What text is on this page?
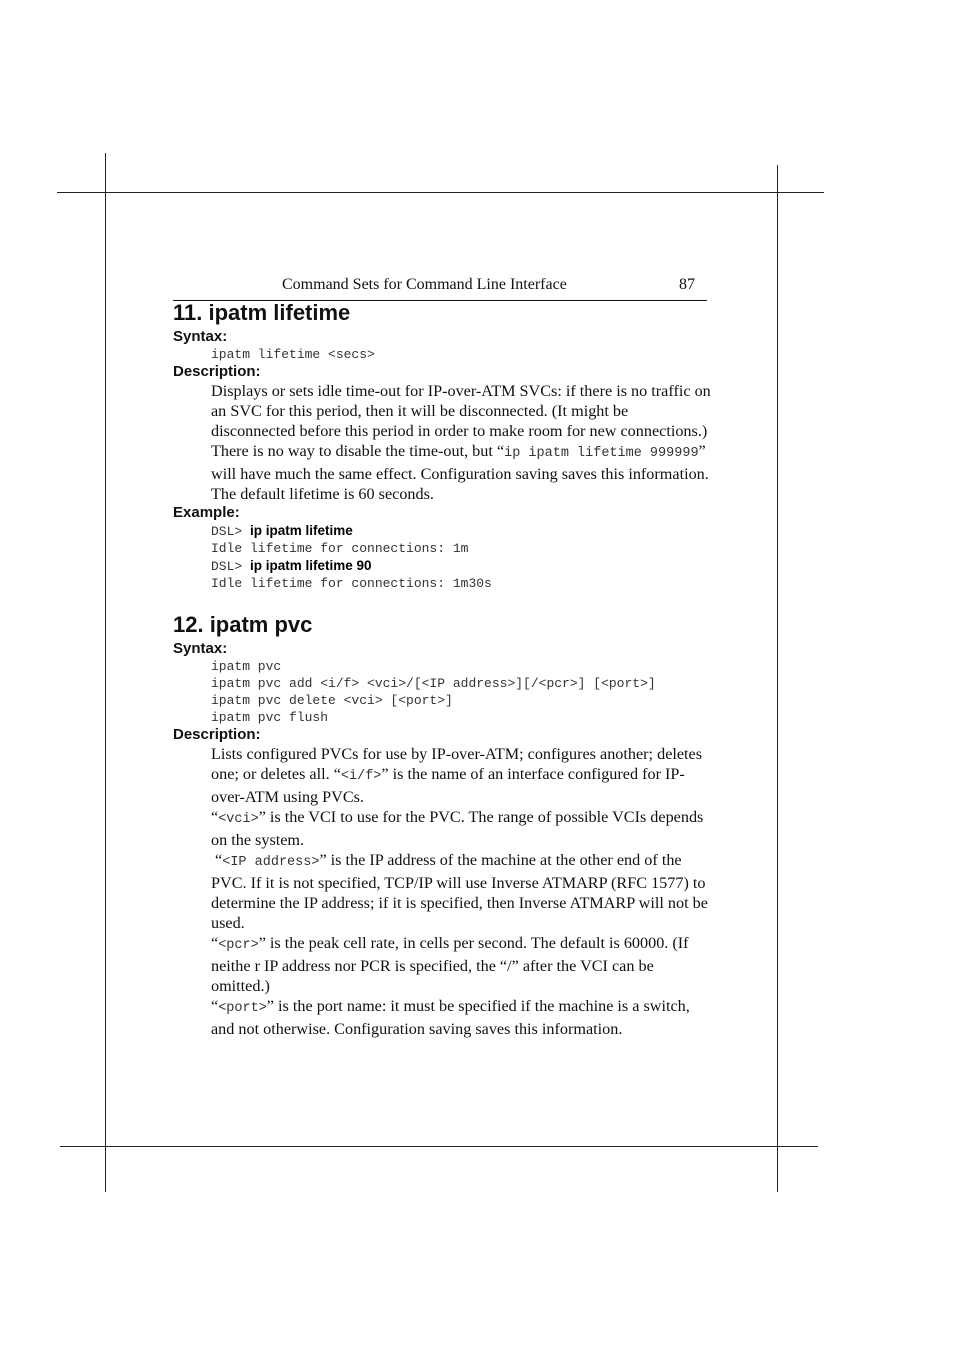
Command Sets for Command Line Interface	87
11. ipatm lifetime
Syntax:
ipatm lifetime <secs>
Description:
Displays or sets idle time-out for IP-over-ATM SVCs: if there is no traffic on an SVC for this period, then it will be disconnected. (It might be disconnected before this period in order to make room for new connections.) There is no way to disable the time-out, but “ip ipatm lifetime 999999” will have much the same effect. Configuration saving saves this information. The default lifetime is 60 seconds.
Example:
DSL> ip ipatm lifetime
Idle lifetime for connections: 1m
DSL> ip ipatm lifetime 90
Idle lifetime for connections: 1m30s
12. ipatm pvc
Syntax:
ipatm pvc
ipatm pvc add <i/f> <vci>/[<IP address>][/<pcr>] [<port>]
ipatm pvc delete <vci> [<port>]
ipatm pvc flush
Description:
Lists configured PVCs for use by IP-over-ATM; configures another; deletes one; or deletes all. “<i/f>” is the name of an interface configured for IP-over-ATM using PVCs.
“<vci>” is the VCI to use for the PVC. The range of possible VCIs depends on the system.
“<IP address>” is the IP address of the machine at the other end of the PVC. If it is not specified, TCP/IP will use Inverse ATMARP (RFC 1577) to determine the IP address; if it is specified, then Inverse ATMARP will not be used.
“<pcr>” is the peak cell rate, in cells per second. The default is 60000. (If neithe r IP address nor PCR is specified, the “/” after the VCI can be omitted.)
“<port>” is the port name: it must be specified if the machine is a switch, and not otherwise. Configuration saving saves this information.
